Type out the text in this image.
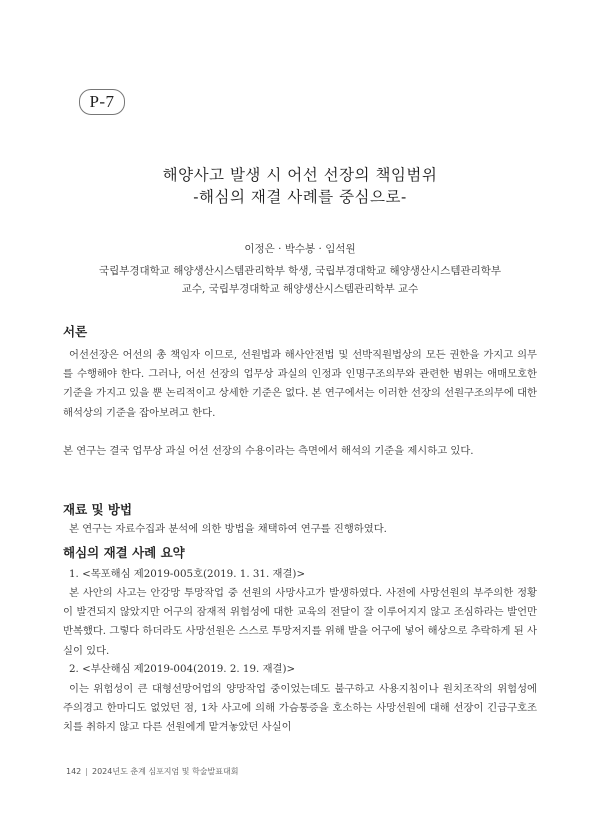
P-7
해양사고 발생 시 어선 선장의 책임범위
-해심의 재결 사례를 중심으로-
이정은 · 박수봉 · 임석원
국립부경대학교 해양생산시스템관리학부 학생, 국립부경대학교 해양생산시스템관리학부
교수, 국립부경대학교 해양생산시스템관리학부 교수
서론
어선선장은 어선의 총 책임자 이므로, 선원법과 해사안전법 및 선박직원법상의 모든 권한을 가지고 의무를 수행해야 한다. 그러나, 어선 선장의 업무상 과실의 인정과 인명구조의무와 관련한 범위는 애매모호한 기준을 가지고 있을 뿐 논리적이고 상세한 기준은 없다. 본 연구에서는 이러한 선장의 선원구조의무에 대한 해석상의 기준을 잡아보려고 한다.
본 연구는 결국 업무상 과실 어선 선장의 수용이라는 측면에서 해석의 기준을 제시하고 있다.
재료 및 방법
본 연구는 자료수집과 분석에 의한 방법을 채택하여 연구를 진행하였다.
해심의 재결 사례 요약
1. <목포해심 제2019-005호(2019. 1. 31. 재결)>
본 사안의 사고는 안강망 투망작업 중 선원의 사망사고가 발생하였다. 사전에 사망선원의 부주의한 정황이 발견되지 않았지만 어구의 잠재적 위험성에 대한 교육의 전달이 잘 이루어지지 않고 조심하라는 발언만 반복했다. 그렇다 하더라도 사망선원은 스스로 투망저지를 위해 발을 어구에 넣어 해상으로 추락하게 된 사실이 있다.
2. <부산해심 제2019-004(2019. 2. 19. 재결)>
이는 위험성이 큰 대형선망어업의 양망작업 중이었는데도 불구하고 사용지침이나 원치조작의 위험성에 주의경고 한마디도 없었던 점, 1차 사고에 의해 가슴통증을 호소하는 사망선원에 대해 선장이 긴급구호조치를 취하지 않고 다른 선원에게 맡겨놓았던 사실이
142 | 2024년도 춘계 심포지엄 및 학술발표대회
